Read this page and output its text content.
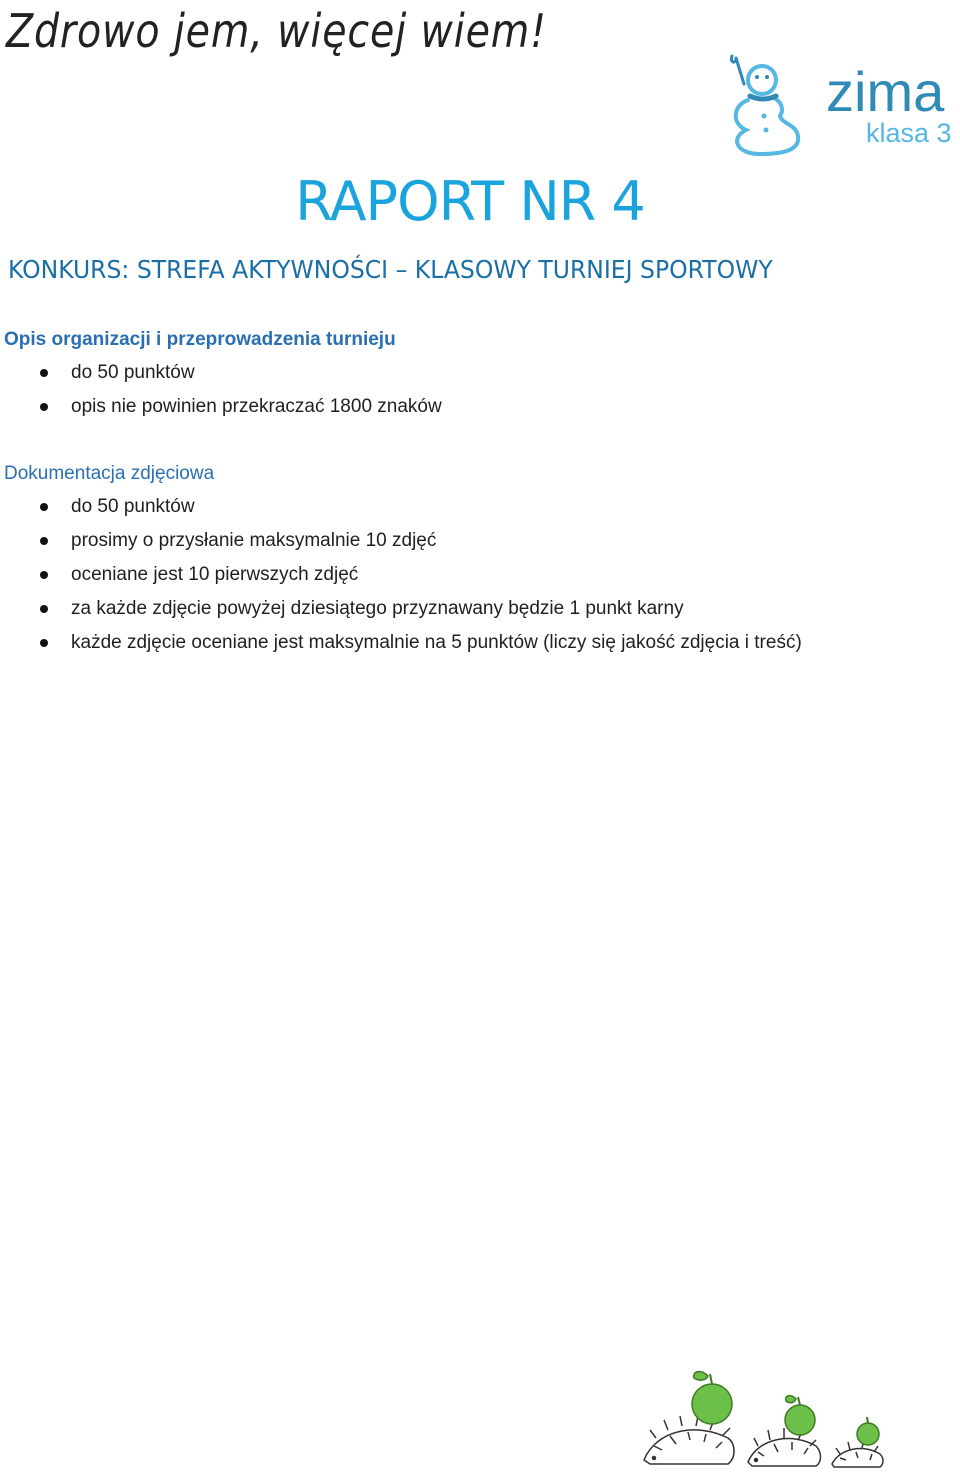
Zdrowo jem, więcej wiem!
zima
klasa 3
RAPORT NR 4
KONKURS: STREFA AKTYWNOŚCI – KLASOWY TURNIEJ SPORTOWY
Opis organizacji i przeprowadzenia turnieju
do 50 punktów
opis nie powinien przekraczać 1800 znaków
Dokumentacja zdjęciowa
do 50 punktów
prosimy o przysłanie maksymalnie 10 zdjęć
oceniane jest 10 pierwszych zdjęć
za każde zdjęcie powyżej dziesiątego przyznawany będzie 1 punkt karny
każde zdjęcie oceniane jest maksymalnie na 5 punktów (liczy się jakość zdjęcia i treść)
